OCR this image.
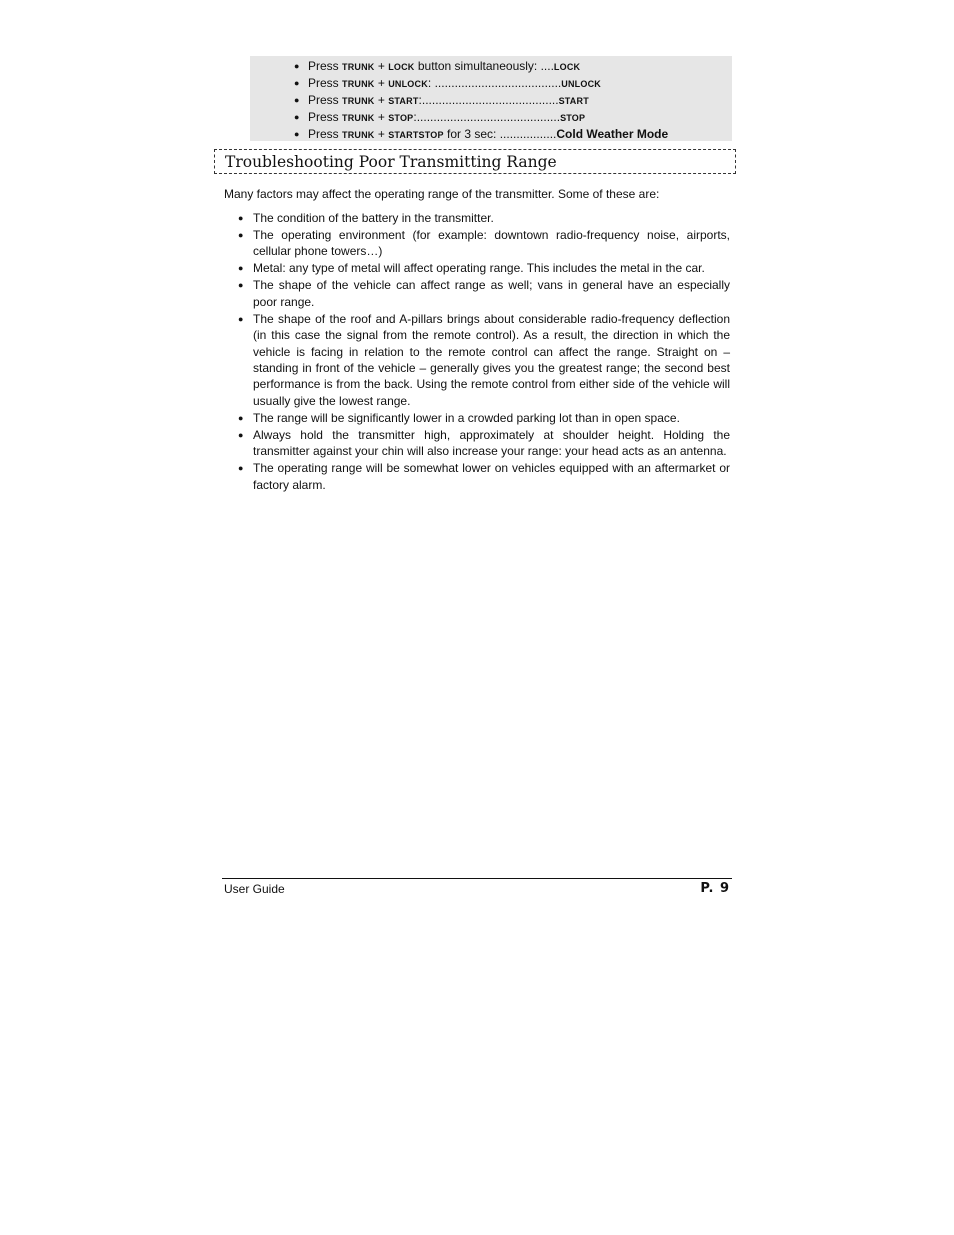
● Press TRUNK + LOCK button simultaneously: ....LOCK
● Press TRUNK + UNLOCK: ......................................UNLOCK
● Press TRUNK + START:.........................................START
● Press TRUNK + STOP:...........................................STOP
● Press TRUNK + STARTSTOP for 3 sec: .................Cold Weather Mode
Troubleshooting Poor Transmitting Range

Many factors may affect the operating range of the transmitter. Some of these are:

● The condition of the battery in the transmitter.
● The operating environment (for example: downtown radio-frequency noise, airports, cellular phone towers…)
● Metal: any type of metal will affect operating range. This includes the metal in the car.
● The shape of the vehicle can affect range as well; vans in general have an especially poor range.
● The shape of the roof and A-pillars brings about considerable radio-frequency deflection (in this case the signal from the remote control). As a result, the direction in which the vehicle is facing in relation to the remote control can affect the range. Straight on – standing in front of the vehicle – generally gives you the greatest range; the second best performance is from the back. Using the remote control from either side of the vehicle will usually give the lowest range.
● The range will be significantly lower in a crowded parking lot than in open space.
● Always hold the transmitter high, approximately at shoulder height. Holding the transmitter against your chin will also increase your range: your head acts as an antenna.
● The operating range will be somewhat lower on vehicles equipped with an aftermarket or factory alarm.
User Guide	P. 9
